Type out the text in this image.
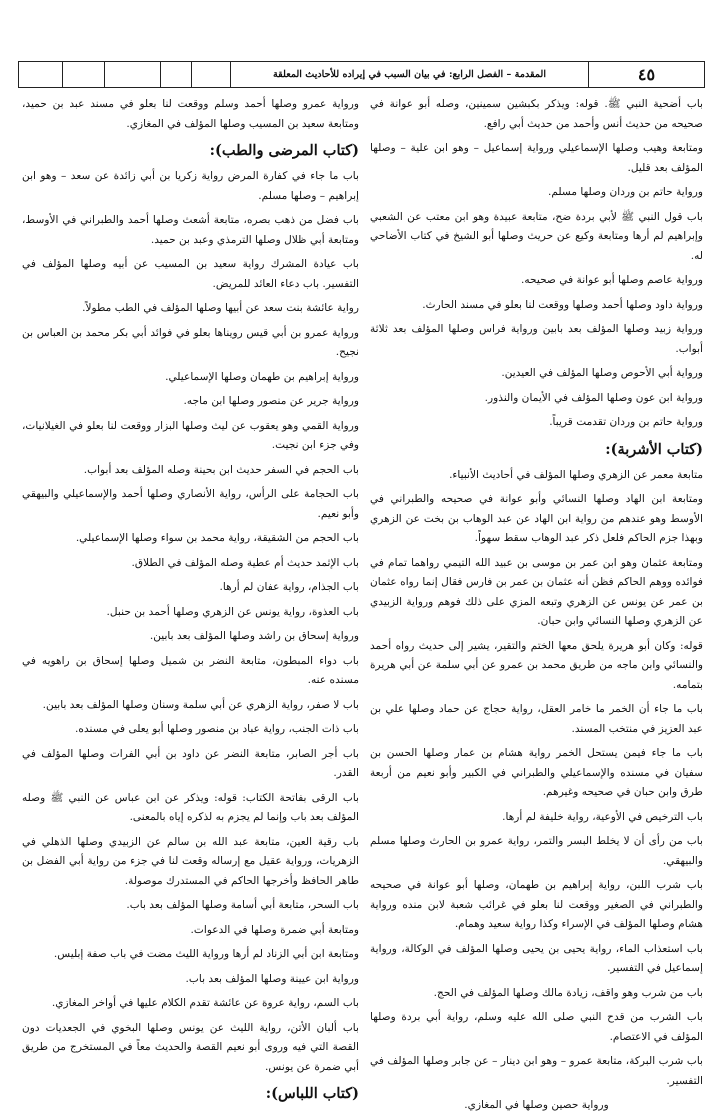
المقدمة – الفصل الرابع: في بيان السبب في إيراده للأحاديث المعلقة	٤٥

باب أضحية النبي ﷺ. قوله: ويذكر بكبشين سمينين، وصله أبو عوانة في صحيحه من حديث أنس وأحمد من حديث أبي رافع.

ومتابعة وهيب وصلها الإسماعيلي ورواية إسماعيل – وهو ابن علية – وصلها المؤلف بعد قليل.

ورواية حاتم بن وردان وصلها مسلم.

باب قول النبي ﷺ لأبي بردة ضح، متابعة عبيدة وهو ابن معتب عن الشعبي وإبراهيم لم أرها ومتابعة وكيع عن حريث وصلها أبو الشيخ في كتاب الأضاحي له.

ورواية عاصم وصلها أبو عوانة في صحيحه.

ورواية داود وصلها أحمد وصلها ووقعت لنا بعلو في مسند الحارث.

ورواية زبيد وصلها المؤلف بعد بابين ورواية فراس وصلها المؤلف بعد ثلاثة أبواب.

ورواية أبي الأحوص وصلها المؤلف في العيدين.

ورواية ابن عون وصلها المؤلف في الأيمان والنذور.

ورواية حاتم بن وردان تقدمت قريباً.

(كتاب الأشربة):

متابعة معمر عن الزهري وصلها المؤلف في أحاديث الأنبياء.

ومتابعة ابن الهاد وصلها النسائي وأبو عوانة في صحيحه والطبراني في الأوسط وهو عندهم من رواية ابن الهاد عن عبد الوهاب بن بخت عن الزهري وبهذا جزم الحاكم فلعل ذكر عبد الوهاب سقط سهواً.

ومتابعة عثمان وهو ابن عمر بن موسى بن عبيد الله التيمي رواهما تمام في فوائده ووهم الحاكم فظن أنه عثمان بن عمر بن فارس فقال إنما رواه عثمان بن عمر عن يونس عن الزهري وتبعه المزي على ذلك فوهم ورواية الزبيدي عن الزهري وصلها النسائي وابن حبان.

قوله: وكان أبو هريرة يلحق معها الختم والتقير، يشير إلى حديث رواه أحمد والنسائي وابن ماجه من طريق محمد بن عمرو عن أبي سلمة عن أبي هريرة بتمامه.

باب ما جاء أن الخمر ما خامر العقل، رواية حجاج عن حماد وصلها علي بن عبد العزيز في منتخب المسند.

باب ما جاء فيمن يستحل الخمر رواية هشام بن عمار وصلها الحسن بن سفيان في مسنده والإسماعيلي والطبراني في الكبير وأبو نعيم من أربعة طرق وابن حبان في صحيحه وغيرهم.

باب الترخيص في الأوعية، رواية خليفة لم أرها.

باب من رأى أن لا يخلط البسر والتمر، رواية عمرو بن الحارث وصلها مسلم والبيهقي.

باب شرب اللبن، رواية إبراهيم بن طهمان، وصلها أبو عوانة في صحيحه والطبراني في الصغير ووقعت لنا بعلو في غرائب شعبة لابن منده ورواية هشام وصلها المؤلف في الإسراء وكذا رواية سعيد وهمام.

باب استعذاب الماء، رواية يحيى بن يحيى وصلها المؤلف في الوكالة، ورواية إسماعيل في التفسير.

باب من شرب وهو واقف، زيادة مالك وصلها المؤلف في الحج.

باب الشرب من قدح النبي صلى الله عليه وسلم، رواية أبي بردة وصلها المؤلف في الاعتصام.

باب شرب البركة، متابعة عمرو – وهو ابن دينار – عن جابر وصلها المؤلف في التفسير.

ورواية حصين وصلها في المغازي.

ورواية عمرو وصلها أحمد وسلم ووقعت لنا بعلو في مسند عبد بن حميد، ومتابعة سعيد بن المسيب وصلها المؤلف في المغازي.

(كتاب المرضى والطب):

باب ما جاء في كفارة المرض رواية زكريا بن أبي زائدة عن سعد – وهو ابن إبراهيم – وصلها مسلم.

باب فضل من ذهب بصره، متابعة أشعث وصلها أحمد والطبراني في الأوسط، ومتابعة أبي ظلال وصلها الترمذي وعبد بن حميد.

باب عيادة المشرك رواية سعيد بن المسيب عن أبيه وصلها المؤلف في التفسير. باب دعاء العائد للمريض.

رواية عائشة بنت سعد عن أبيها وصلها المؤلف في الطب مطولاً.

ورواية عمرو بن أبي قيس رويناها بعلو في فوائد أبي بكر محمد بن العباس بن نجيح.

ورواية إبراهيم بن طهمان وصلها الإسماعيلي.

ورواية جرير عن منصور وصلها ابن ماجه.

ورواية القمي وهو يعقوب عن ليث وصلها البزار ووقعت لنا بعلو في الغيلانيات، وفي جزء ابن نجيت.

باب الحجم في السفر حديث ابن بحينة وصله المؤلف بعد أبواب.

باب الحجامة على الرأس، رواية الأنصاري وصلها أحمد والإسماعيلي والبيهقي وأبو نعيم.

باب الحجم من الشقيقة، رواية محمد بن سواء وصلها الإسماعيلي.

باب الإثمد حديث أم عطية وصله المؤلف في الطلاق.

باب الجذام، رواية عفان لم أرها.

باب العذوة، رواية يونس عن الزهري وصلها أحمد بن حنبل.

ورواية إسحاق بن راشد وصلها المؤلف بعد بابين.

باب دواء المبطون، متابعة النضر بن شميل وصلها إسحاق بن راهويه في مسنده عنه.

باب لا صفر، رواية الزهري عن أبي سلمة وسنان وصلها المؤلف بعد بابين.

باب ذات الجنب، رواية عباد بن منصور وصلها أبو يعلى في مسنده.

باب أجر الصابر، متابعة النضر عن داود بن أبي الفرات وصلها المؤلف في القدر.

باب الرقى بفاتحة الكتاب: قوله: ويذكر عن ابن عباس عن النبي ﷺ وصله المؤلف بعد باب وإنما لم يجزم به لذكره إياه بالمعنى.

باب رقية العين، متابعة عبد الله بن سالم عن الزبيدي وصلها الذهلي في الزهريات، ورواية عقيل مع إرساله وقعت لنا في جزء من رواية أبي الفضل بن طاهر الحافظ وأخرجها الحاكم في المستدرك موصولة.

باب السحر، متابعة أبي أسامة وصلها المؤلف بعد باب.

ومتابعة أبي ضمرة وصلها في الدعوات.

ومتابعة ابن أبي الزناد لم أرها ورواية الليث مضت في باب صفة إبليس.

ورواية ابن عيينة وصلها المؤلف بعد باب.

باب السم، رواية عروة عن عائشة تقدم الكلام عليها في أواخر المغازي.

باب ألبان الأتن، رواية الليث عن يونس وصلها البخوي في الجعديات دون القصة التي فيه وروى أبو نعيم القصة والحديث معاً في المستخرج من طريق أبي ضمرة عن يونس.

(كتاب اللباس):
